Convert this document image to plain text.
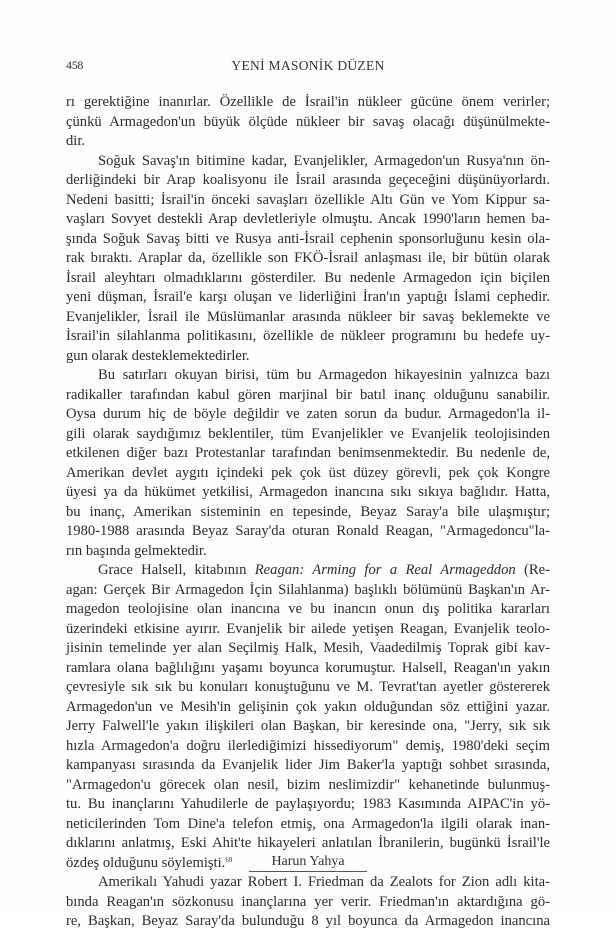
458	YENİ MASONİK DÜZEN
rı gerektiğine inanırlar. Özellikle de İsrail'in nükleer gücüne önem verirler;
çünkü Armagedon'un büyük ölçüde nükleer bir savaş olacağı düşünülmekte-
dir.
Soğuk Savaş'ın bitimine kadar, Evanjelikler, Armagedon'un Rusya'nın ön-
derliğindeki bir Arap koalisyonu ile İsrail arasında geçeceğini düşünüyorlardı.
Nedeni basitti; İsrail'in önceki savaşları özellikle Altı Gün ve Yom Kippur sa-
vaşları Sovyet destekli Arap devletleriyle olmuştu. Ancak 1990'ların hemen ba-
şında Soğuk Savaş bitti ve Rusya anti-İsrail cephenin sponsorluğunu kesin ola-
rak bıraktı. Araplar da, özellikle son FKÖ-İsrail anlaşması ile, bir bütün olarak
İsrail aleyhtarı olmadıklarını gösterdiler. Bu nedenle Armagedon için biçilen
yeni düşman, İsrail'e karşı oluşan ve liderliğini İran'ın yaptığı İslami cephedir.
Evanjelikler, İsrail ile Müslümanlar arasında nükleer bir savaş beklemekte ve
İsrail'in silahlanma politikasını, özellikle de nükleer programını bu hedefe uy-
gun olarak desteklemektedirler.
Bu satırları okuyan birisi, tüm bu Armagedon hikayesinin yalnızca bazı
radikaller tarafından kabul gören marjinal bir batıl inanç olduğunu sanabilir.
Oysa durum hiç de böyle değildir ve zaten sorun da budur. Armagedon'la il-
gili olarak saydığımız beklentiler, tüm Evanjelikler ve Evanjelik teolojisinden
etkilenen diğer bazı Protestanlar tarafından benimsenmektedir. Bu nedenle de,
Amerikan devlet aygıtı içindeki pek çok üst düzey görevli, pek çok Kongre
üyesi ya da hükümet yetkilisi, Armagedon inancına sıkı sıkıya bağlıdır. Hatta,
bu inanç, Amerikan sisteminin en tepesinde, Beyaz Saray'a bile ulaşmıştır;
1980-1988 arasında Beyaz Saray'da oturan Ronald Reagan, "Armagedoncu"la-
rın başında gelmektedir.
Grace Halsell, kitabının Reagan: Arming for a Real Armageddon (Re-
agan: Gerçek Bir Armagedon İçin Silahlanma) başlıklı bölümünü Başkan'ın Ar-
magedon teolojisine olan inancına ve bu inancın onun dış politika kararları
üzerindeki etkisine ayırır. Evanjelik bir ailede yetişen Reagan, Evanjelik teolo-
jisinin temelinde yer alan Seçilmiş Halk, Mesih, Vaadedilmiş Toprak gibi kav-
ramlara olana bağlılığını yaşamı boyunca korumuştur. Halsell, Reagan'ın yakın
çevresiyle sık sık bu konuları konuştuğunu ve M. Tevrat'tan ayetler göstererek
Armagedon'un ve Mesih'in gelişinin çok yakın olduğundan söz ettiğini yazar.
Jerry Falwell'le yakın ilişkileri olan Başkan, bir keresinde ona, "Jerry, sık sık
hızla Armagedon'a doğru ilerlediğimizi hissediyorum" demiş, 1980'deki seçim
kampanyası sırasında da Evanjelik lider Jim Baker'la yaptığı sohbet sırasında,
"Armagedon'u görecek olan nesil, bizim neslimizdir" kehanetinde bulunmuş-
tu. Bu inançlarını Yahudilerle de paylaşıyordu; 1983 Kasımında AIPAC'in yö-
neticilerinden Tom Dine'a telefon etmiş, ona Armagedon'la ilgili olarak inan-
dıklarını anlatmış, Eski Ahit'te hikayeleri anlatılan İbranilerin, bugünkü İsrail'le
özdeş olduğunu söylemişti.$^{69}$
Amerikalı Yahudi yazar Robert I. Friedman da Zealots for Zion adlı kita-
bında Reagan'ın sözkonusu inançlarına yer verir. Friedman'ın aktardığına gö-
re, Başkan, Beyaz Saray'da bulunduğu 8 yıl boyunca da Armagedon inancına
Harun Yahya
